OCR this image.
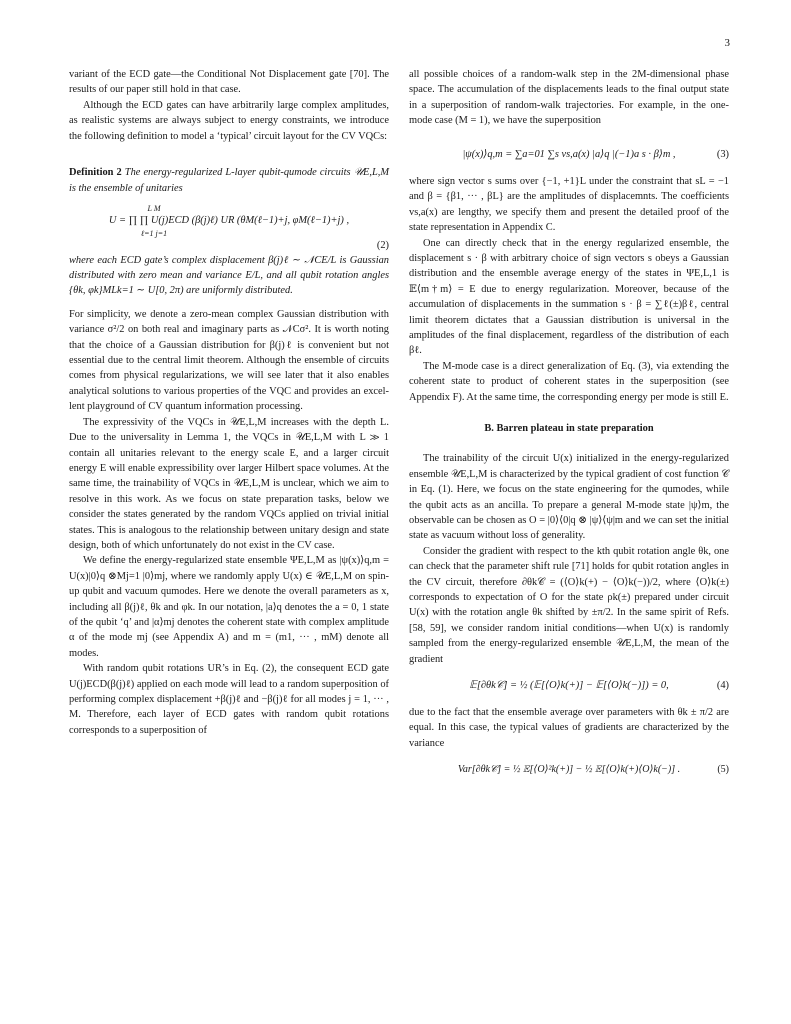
3

variant of the ECD gate—the Conditional Not Displacement gate [70]. The results of our paper still hold in that case.

Although the ECD gates can have arbitrarily large complex amplitudes, as realistic systems are always subject to energy constraints, we introduce the following definition to model a ‘typical’ circuit layout for the CV VQCs:

Definition 2 The energy-regularized L-layer qubit-qumode circuits 𝒰E,L,M is the ensemble of unitaries

L M

U = ∏ ∏ U(j)ECD (β(j)ℓ) UR (θM(ℓ−1)+j, φM(ℓ−1)+j) ,

ℓ=1 j=1

(2)

where each ECD gate’s complex displacement β(j)ℓ ∼ 𝒩CE/L is Gaussian distributed with zero mean and variance E/L, and all qubit rotation angles {θk, φk}MLk=1 ∼ U[0, 2π) are uniformly distributed.

For simplicity, we denote a zero-mean complex Gaussian distribution with variance σ²/2 on both real and imaginary parts as 𝒩Cσ². It is worth noting that the choice of a Gaussian distribution for β(j)ℓ is convenient but not essential due to the central limit theorem. Although the ensemble of circuits comes from physical regularizations, we will see later that it also enables analytical solutions to various properties of the VQC and provides an excellent playground of CV quantum information processing.

The expressivity of the VQCs in 𝒰E,L,M increases with the depth L. Due to the universality in Lemma 1, the VQCs in 𝒰E,L,M with L ≫ 1 contain all unitaries relevant to the energy scale E, and a larger circuit energy E will enable expressibility over larger Hilbert space volumes. At the same time, the trainability of VQCs in 𝒰E,L,M is unclear, which we aim to resolve in this work. As we focus on state preparation tasks, below we consider the states generated by the random VQCs applied on trivial initial states. This is analogous to the relationship between unitary design and state design, both of which unfortunately do not exist in the CV case.

We define the energy-regularized state ensemble ΨE,L,M as |ψ(x)⟩q,m = U(x)|0⟩q ⊗Mj=1 |0⟩mj, where we randomly apply U(x) ∈ 𝒰E,L,M on spin-up qubit and vacuum qumodes. Here we denote the overall parameters as x, including all β(j)ℓ, θk and φk. In our notation, |a⟩q denotes the a = 0, 1 state of the qubit ‘q’ and |α⟩mj denotes the coherent state with complex amplitude α of the mode mj (see Appendix A) and m = (m1, ··· , mM) denote all modes.

With random qubit rotations UR’s in Eq. (2), the consequent ECD gate U(j)ECD(β(j)ℓ) applied on each mode will lead to a random superposition of performing complex displacement +β(j)ℓ and −β(j)ℓ for all modes j = 1, ··· , M. Therefore, each layer of ECD gates with random qubit rotations corresponds to a superposition of

all possible choices of a random-walk step in the 2M-dimensional phase space. The accumulation of the displacements leads to the final output state in a superposition of random-walk trajectories. For example, in the one-mode case (M = 1), we have the superposition

|ψ(x)⟩q,m = ∑a=01 ∑s vs,a(x) |a⟩q |(−1)a s · β⟩m ,	(3)

where sign vector s sums over {−1, +1}L under the constraint that sL = −1 and β = {β1, ··· , βL} are the amplitudes of displacemnts. The coefficients vs,a(x) are lengthy, we specify them and present the detailed proof of the state representation in Appendix C.

One can directly check that in the energy regularized ensemble, the displacement s · β with arbitrary choice of sign vectors s obeys a Gaussian distribution and the ensemble average energy of the states in ΨE,L,1 is 𝔼⟨m†m⟩ = E due to energy regularization. Moreover, because of the accumulation of displacements in the summation s · β = ∑ℓ(±)βℓ, central limit theorem dictates that a Gaussian distribution is universal in the amplitudes of the final displacement, regardless of the distribution of each βℓ.

The M-mode case is a direct generalization of Eq. (3), via extending the coherent state to product of coherent states in the superposition (see Appendix F). At the same time, the corresponding energy per mode is still E.

B. Barren plateau in state preparation

The trainability of the circuit U(x) initialized in the energy-regularized ensemble 𝒰E,L,M is characterized by the typical gradient of cost function 𝒞 in Eq. (1). Here, we focus on the state engineering for the qumodes, while the qubit acts as an ancilla. To prepare a general M-mode state |ψ⟩m, the observable can be chosen as O = |0⟩⟨0|q ⊗ |ψ⟩⟨ψ|m and we can set the initial state as vacuum without loss of generality.

Consider the gradient with respect to the kth qubit rotation angle θk, one can check that the parameter shift rule [71] holds for qubit rotation angles in the CV circuit, therefore ∂θk𝒞 = (⟨O⟩k(+) − ⟨O⟩k(−))/2, where ⟨O⟩k(±) corresponds to expectation of O for the state ρk(±) prepared under circuit U(x) with the rotation angle θk shifted by ±π/2. In the same spirit of Refs. [58, 59], we consider random initial conditions—when U(x) is randomly sampled from the energy-regularized ensemble 𝒰E,L,M, the mean of the gradient

𝔼[∂θk𝒞] = ½ (𝔼[⟨O⟩k(+)] − 𝔼[⟨O⟩k(−)]) = 0,	(4)

due to the fact that the ensemble average over parameters with θk ± π/2 are equal. In this case, the typical values of gradients are characterized by the variance

Var[∂θk𝒞] = ½ 𝔼[⟨O⟩²k(+)] − ½ 𝔼[⟨O⟩k(+)⟨O⟩k(−)] .	(5)
